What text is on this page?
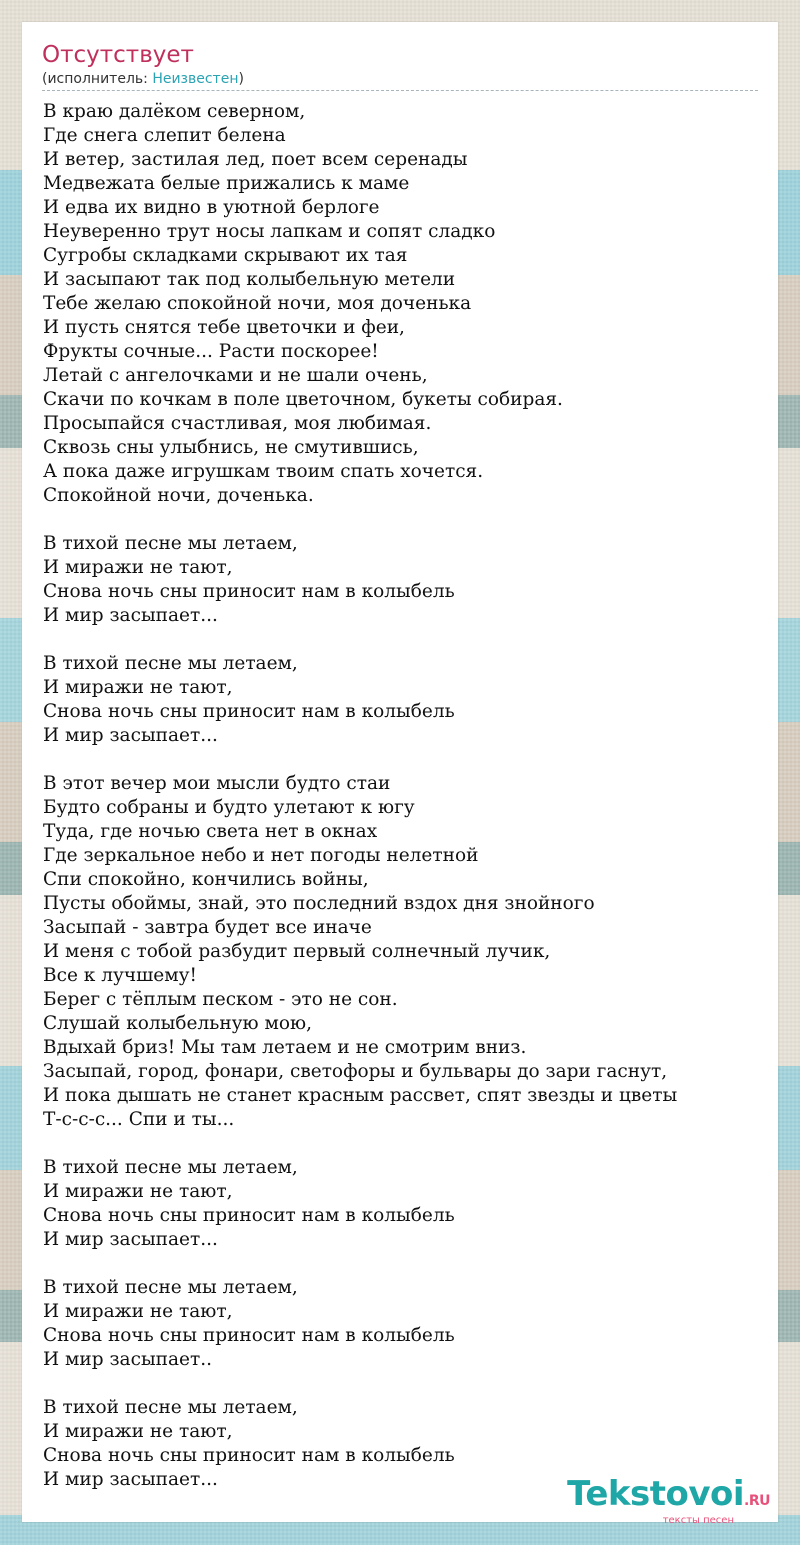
Отсутствует
(исполнитель: Неизвестен)
В краю далёком северном,
Где снега слепит белена
И ветер, застилая лед, поет всем серенады
Медвежата белые прижались к маме
И едва их видно в уютной берлоге
Неуверенно трут носы лапкам и сопят сладко
Сугробы складками скрывают их тая
И засыпают так под колыбельную метели
Тебе желаю спокойной ночи, моя доченька
И пусть снятся тебе цветочки и феи,
Фрукты сочные... Расти поскорее!
Летай с ангелочками и не шали очень,
Скачи по кочкам в поле цветочном, букеты собирая.
Просыпайся счастливая, моя любимая.
Сквозь сны улыбнись, не смутившись,
А пока даже игрушкам твоим спать хочется.
Спокойной ночи, доченька.
В тихой песне мы летаем,
И миражи не тают,
Снова ночь сны приносит нам в колыбель
И мир засыпает...
В тихой песне мы летаем,
И миражи не тают,
Снова ночь сны приносит нам в колыбель
И мир засыпает...
В этот вечер мои мысли будто стаи
Будто собраны и будто улетают к югу
Туда, где ночью света нет в окнах
Где зеркальное небо и нет погоды нелетной
Спи спокойно, кончились войны,
Пусты обоймы, знай, это последний вздох дня знойного
Засыпай - завтра будет все иначе
И меня с тобой разбудит первый солнечный лучик,
Все к лучшему!
Берег с тёплым песком - это не сон.
Слушай колыбельную мою,
Вдыхай бриз! Мы там летаем и не смотрим вниз.
Засыпай, город, фонари, светофоры и бульвары до зари гаснут,
И пока дышать не станет красным рассвет, спят звезды и цветы
Т-с-с-с... Спи и ты...
В тихой песне мы летаем,
И миражи не тают,
Снова ночь сны приносит нам в колыбель
И мир засыпает...
В тихой песне мы летаем,
И миражи не тают,
Снова ночь сны приносит нам в колыбель
И мир засыпает..
В тихой песне мы летаем,
И миражи не тают,
Снова ночь сны приносит нам в колыбель
И мир засыпает...	Tekstovoi.RU
тексты песен
